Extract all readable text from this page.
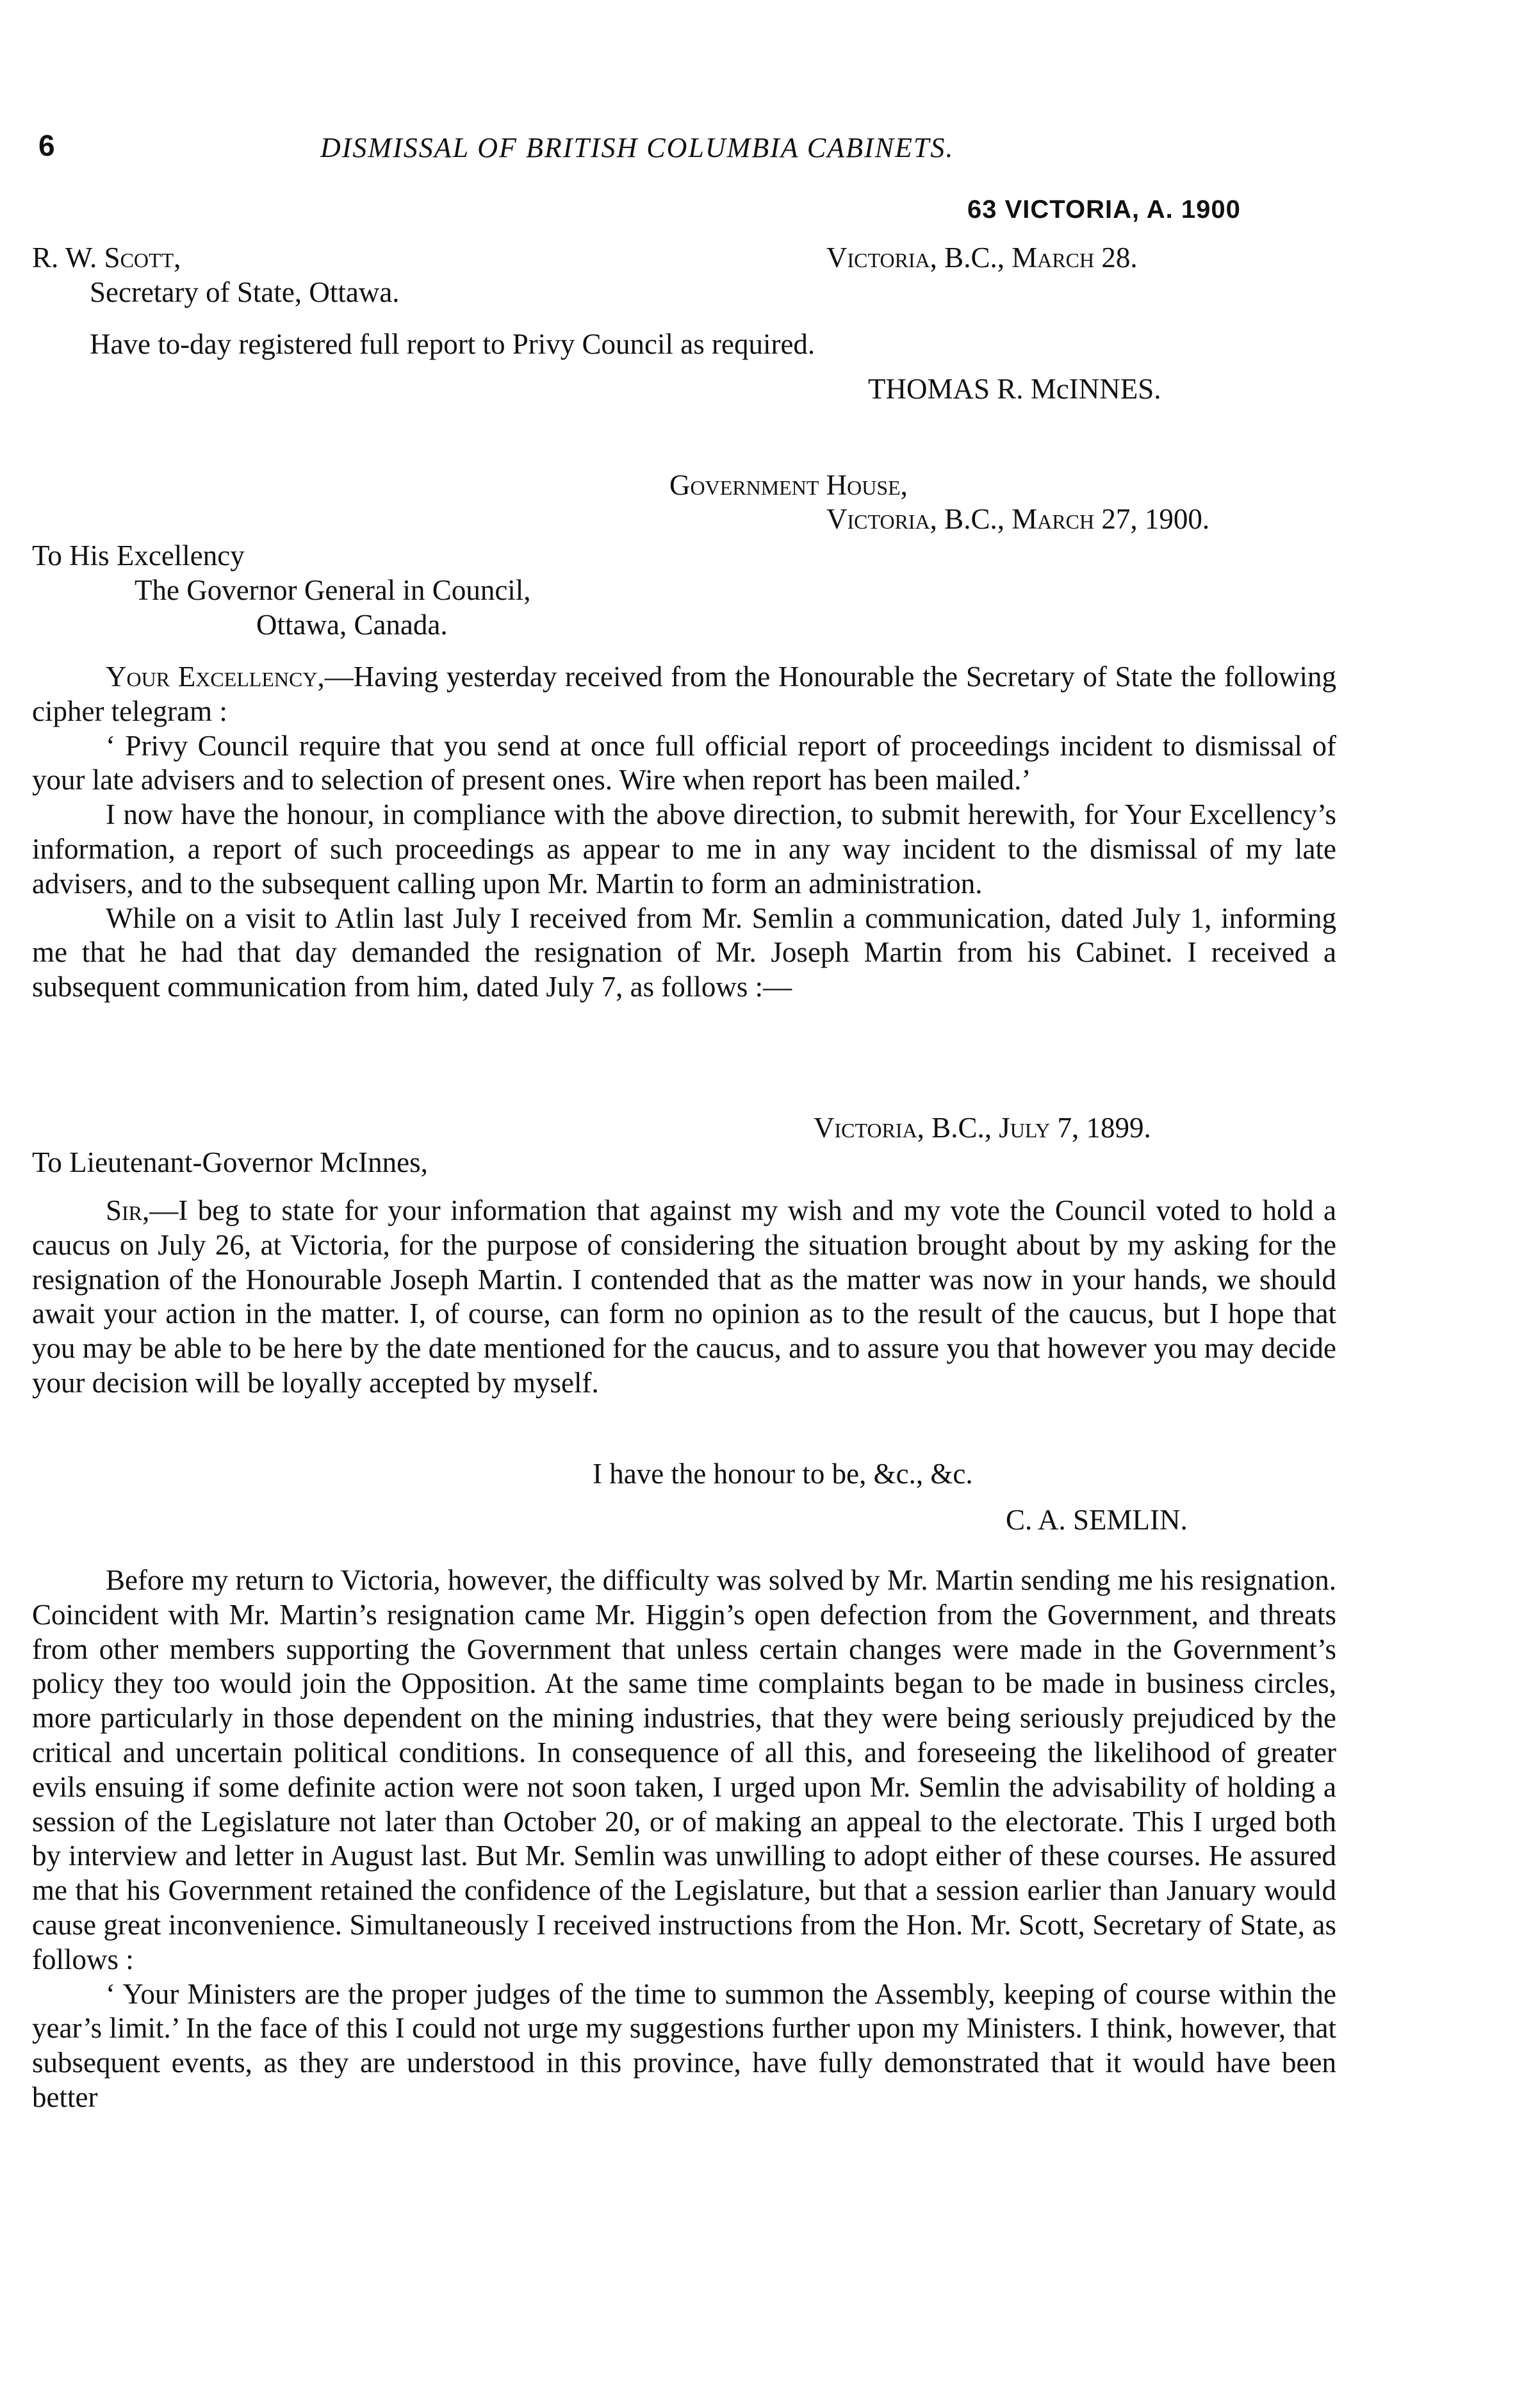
6	DISMISSAL OF BRITISH COLUMBIA CABINETS.
63 VICTORIA, A. 1900
R. W. Scott,	Victoria, B.C., March 28.
Secretary of State, Ottawa.
Have to-day registered full report to Privy Council as required.
THOMAS R. McINNES.
Government House,
Victoria, B.C., March 27, 1900.
To His Excellency
The Governor General in Council,
Ottawa, Canada.

Your Excellency,—Having yesterday received from the Honourable the Secretary of State the following cipher telegram :

‘ Privy Council require that you send at once full official report of proceedings incident to dismissal of your late advisers and to selection of present ones. Wire when report has been mailed.’

I now have the honour, in compliance with the above direction, to submit herewith, for Your Excellency’s information, a report of such proceedings as appear to me in any way incident to the dismissal of my late advisers, and to the subsequent calling upon Mr. Martin to form an administration.

While on a visit to Atlin last July I received from Mr. Semlin a communication, dated July 1, informing me that he had that day demanded the resignation of Mr. Joseph Martin from his Cabinet. I received a subsequent communication from him, dated July 7, as follows :—

Victoria, B.C., July 7, 1899.
To Lieutenant-Governor McInnes,

Sir,—I beg to state for your information that against my wish and my vote the Council voted to hold a caucus on July 26, at Victoria, for the purpose of considering the situation brought about by my asking for the resignation of the Honourable Joseph Martin. I contended that as the matter was now in your hands, we should await your action in the matter. I, of course, can form no opinion as to the result of the caucus, but I hope that you may be able to be here by the date mentioned for the caucus, and to assure you that however you may decide your decision will be loyally accepted by myself.

I have the honour to be, &c., &c.
C. A. SEMLIN.

Before my return to Victoria, however, the difficulty was solved by Mr. Martin sending me his resignation. Coincident with Mr. Martin’s resignation came Mr. Higgin’s open defection from the Government, and threats from other members supporting the Government that unless certain changes were made in the Government’s policy they too would join the Opposition. At the same time complaints began to be made in business circles, more particularly in those dependent on the mining industries, that they were being seriously prejudiced by the critical and uncertain political conditions. In consequence of all this, and foreseeing the likelihood of greater evils ensuing if some definite action were not soon taken, I urged upon Mr. Semlin the advisability of holding a session of the Legislature not later than October 20, or of making an appeal to the electorate. This I urged both by interview and letter in August last. But Mr. Semlin was unwilling to adopt either of these courses. He assured me that his Government retained the confidence of the Legislature, but that a session earlier than January would cause great inconvenience. Simultaneously I received instructions from the Hon. Mr. Scott, Secretary of State, as follows :

‘ Your Ministers are the proper judges of the time to summon the Assembly, keeping of course within the year’s limit.’ In the face of this I could not urge my suggestions further upon my Ministers. I think, however, that subsequent events, as they are understood in this province, have fully demonstrated that it would have been better
